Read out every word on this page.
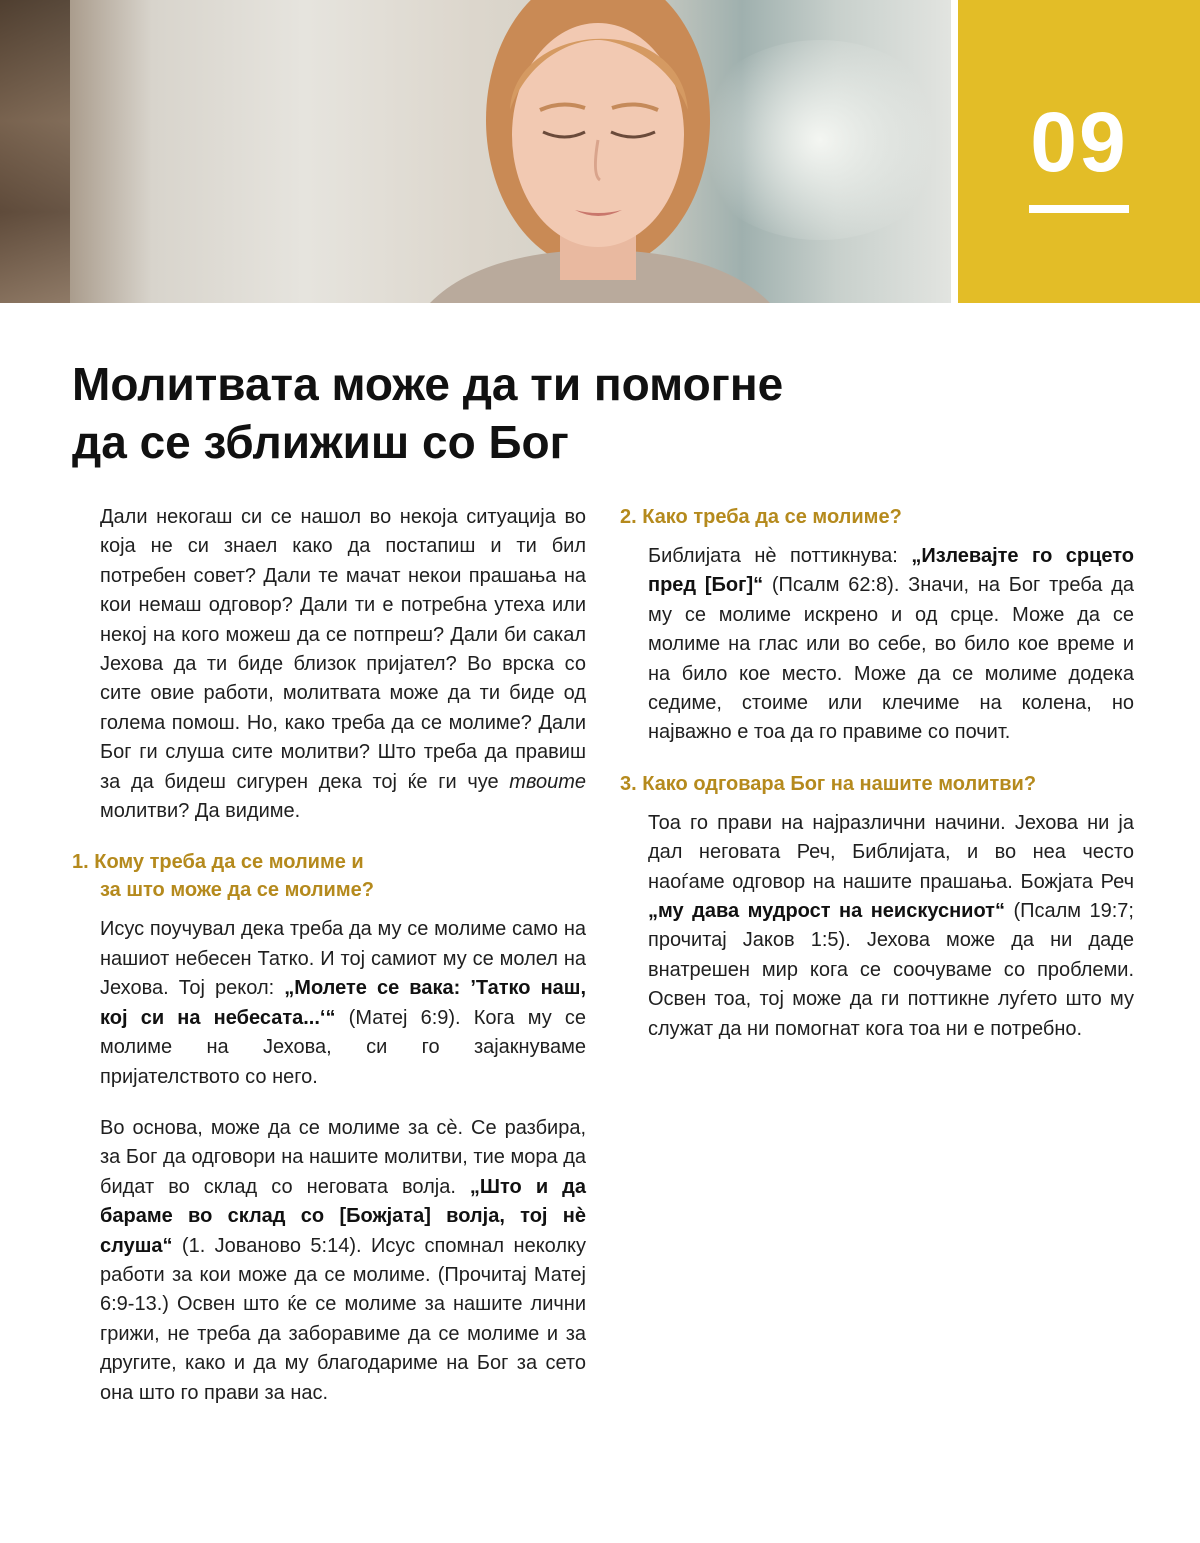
09
Молитвата може да ти помогне
да се зближиш со Бог

Дали некогаш си се нашол во некоја ситуација во која не си знаел како да постапиш и ти бил потребен совет? Дали те мачат некои прашања на кои немаш одговор? Дали ти е потребна утеха или некој на кого можеш да се потпреш? Дали би сакал Јехова да ти биде близок пријател? Во врска со сите овие работи, молитвата може да ти биде од голема помош. Но, како треба да се молиме? Дали Бог ги слуша сите молитви? Што треба да правиш за да бидеш сигурен дека тој ќе ги чуе твоите молитви? Да видиме.

1. Кому треба да се молиме и
за што може да се молиме?

Исус поучувал дека треба да му се молиме само на нашиот небесен Татко. И тој самиот му се молел на Јехова. Тој рекол: „Молете се вака: ’Татко наш, кој си на небесата...‘“ (Матеј 6:9). Кога му се молиме на Јехова, си го зајакнуваме пријателството со него.

Во основа, може да се молиме за сѐ. Се разбира, за Бог да одговори на нашите молитви, тие мора да бидат во склад со неговата волја. „Што и да бараме во склад со [Божјата] волја, тој нѐ слуша“ (1. Јованово 5:14). Исус спомнал неколку работи за кои може да се молиме. (Прочитај Матеј 6:9-13.) Освен што ќе се молиме за нашите лични грижи, не треба да заборавиме да се молиме и за другите, како и да му благодариме на Бог за сето она што го прави за нас.

2. Како треба да се молиме?

Библијата нѐ поттикнува: „Излевајте го срцето пред [Бог]“ (Псалм 62:8). Значи, на Бог треба да му се молиме искрено и од срце. Може да се молиме на глас или во себе, во било кое време и на било кое место. Може да се молиме додека седиме, стоиме или клечиме на колена, но најважно е тоа да го правиме со почит.

3. Како одговара Бог на нашите молитви?

Тоа го прави на најразлични начини. Јехова ни ја дал неговата Реч, Библијата, и во неа често наоѓаме одговор на нашите прашања. Божјата Реч „му дава мудрост на неискусниот“ (Псалм 19:7; прочитај Јаков 1:5). Јехова може да ни даде внатрешен мир кога се соочуваме со проблеми. Освен тоа, тој може да ги поттикне луѓето што му служат да ни помогнат кога тоа ни е потребно.
